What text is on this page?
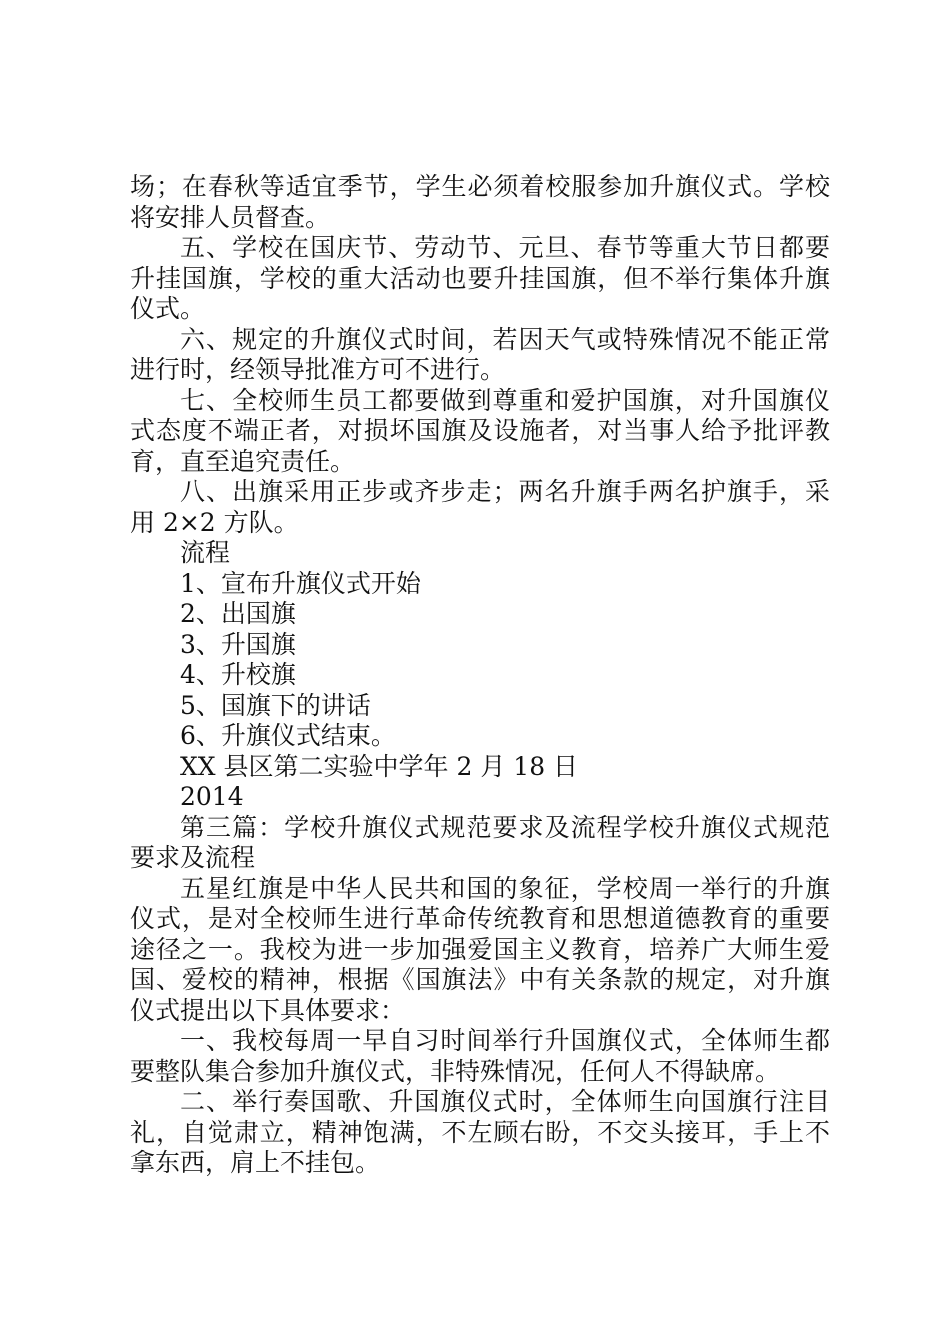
场；在春秋等适宜季节，学生必须着校服参加升旗仪式。学校
将安排人员督查。
五、学校在国庆节、劳动节、元旦、春节等重大节日都要
升挂国旗，学校的重大活动也要升挂国旗，但不举行集体升旗
仪式。
六、规定的升旗仪式时间，若因天气或特殊情况不能正常
进行时，经领导批准方可不进行。
七、全校师生员工都要做到尊重和爱护国旗，对升国旗仪
式态度不端正者，对损坏国旗及设施者，对当事人给予批评教
育，直至追究责任。
八、出旗采用正步或齐步走；两名升旗手两名护旗手，采
用 2×2 方队。
流程
1、宣布升旗仪式开始
2、出国旗
3、升国旗
4、升校旗
5、国旗下的讲话
6、升旗仪式结束。
XX 县区第二实验中学年 2 月 18 日
2014
第三篇：学校升旗仪式规范要求及流程学校升旗仪式规范
要求及流程
五星红旗是中华人民共和国的象征，学校周一举行的升旗
仪式，是对全校师生进行革命传统教育和思想道德教育的重要
途径之一。我校为进一步加强爱国主义教育，培养广大师生爱
国、爱校的精神，根据《国旗法》中有关条款的规定，对升旗
仪式提出以下具体要求：
一、我校每周一早自习时间举行升国旗仪式，全体师生都
要整队集合参加升旗仪式，非特殊情况，任何人不得缺席。
二、举行奏国歌、升国旗仪式时，全体师生向国旗行注目
礼，自觉肃立，精神饱满，不左顾右盼，不交头接耳，手上不
拿东西，肩上不挂包。
